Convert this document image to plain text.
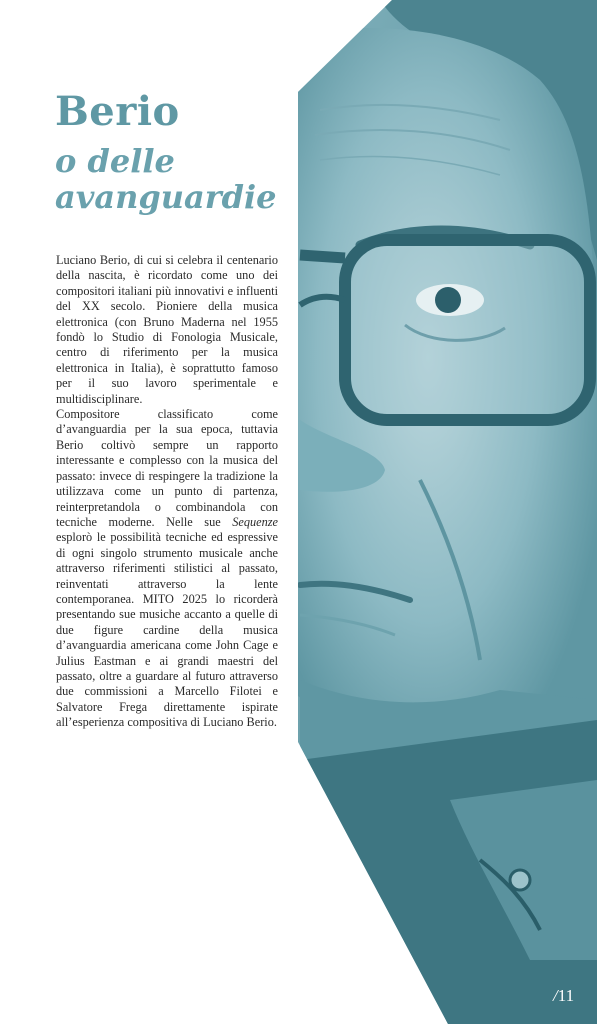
Berio
o delle avanguardie

Luciano Berio, di cui si celebra il centenario della nascita, è ricordato come uno dei compositori italiani più innovativi e influenti del XX secolo. Pioniere della musica elettronica (con Bruno Maderna nel 1955 fondò lo Studio di Fonologia Musicale, centro di riferimento per la musica elettronica in Italia), è soprattutto famoso per il suo lavoro sperimentale e multidisciplinare.

Compositore classificato come d’avanguardia per la sua epoca, tuttavia Berio coltivò sempre un rapporto interessante e complesso con la musica del passato: invece di respingere la tradizione la utilizzava come un punto di partenza, reinterpretandola o combinandola con tecniche moderne. Nelle sue Sequenze esplorò le possibilità tecniche ed espressive di ogni singolo strumento musicale anche attraverso riferimenti stilistici al passato, reinventati attraverso la lente contemporanea. MITO 2025 lo ricorderà presentando sue musiche accanto a quelle di due figure cardine della musica d’avanguardia americana come John Cage e Julius Eastman e ai grandi maestri del passato, oltre a guardare al futuro attraverso due commissioni a Marcello Filotei e Salvatore Frega direttamente ispirate all’esperienza compositiva di Luciano Berio.

/11
